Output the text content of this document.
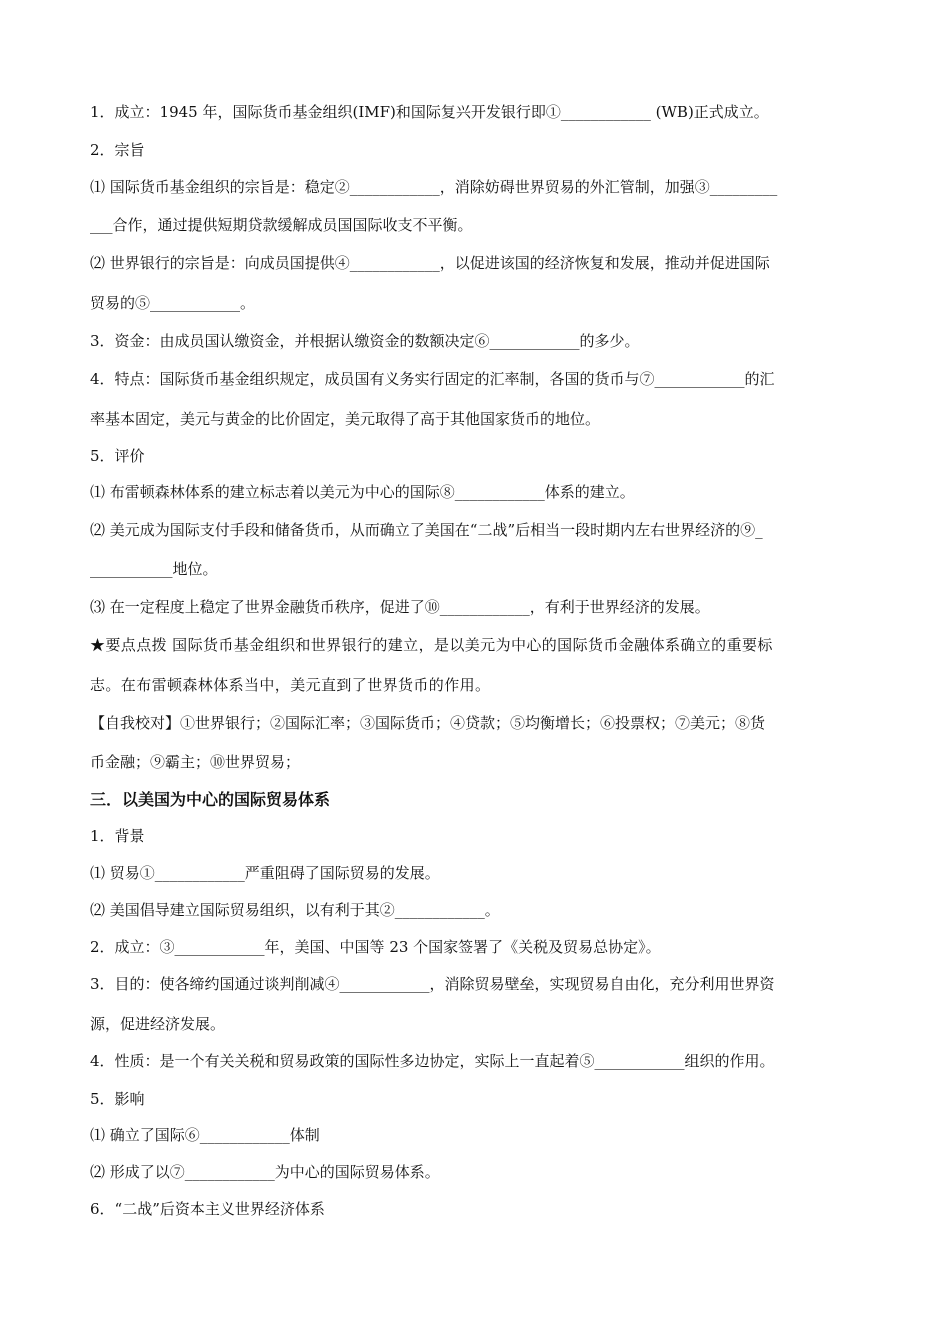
1．成立：1945 年，国际货币基金组织(IMF)和国际复兴开发银行即①____________ (WB)正式成立。
2．宗旨
⑴ 国际货币基金组织的宗旨是：稳定②____________，消除妨碍世界贸易的外汇管制，加强③_________
___合作，通过提供短期贷款缓解成员国国际收支不平衡。
⑵ 世界银行的宗旨是：向成员国提供④____________，以促进该国的经济恢复和发展，推动并促进国际
贸易的⑤____________。
3．资金：由成员国认缴资金，并根据认缴资金的数额决定⑥____________的多少。
4．特点：国际货币基金组织规定，成员国有义务实行固定的汇率制，各国的货币与⑦____________的汇
率基本固定，美元与黄金的比价固定，美元取得了高于其他国家货币的地位。
5．评价
⑴ 布雷顿森林体系的建立标志着以美元为中心的国际⑧____________体系的建立。
⑵ 美元成为国际支付手段和储备货币，从而确立了美国在“二战”后相当一段时期内左右世界经济的⑨_
___________地位。
⑶ 在一定程度上稳定了世界金融货币秩序，促进了⑩____________，有利于世界经济的发展。
★要点点拨 国际货币基金组织和世界银行的建立，是以美元为中心的国际货币金融体系确立的重要标
志。在布雷顿森林体系当中，美元直到了世界货币的作用。
【自我校对】①世界银行；②国际汇率；③国际货币；④贷款；⑤均衡增长；⑥投票权；⑦美元；⑧货
币金融；⑨霸主；⑩世界贸易；
三．以美国为中心的国际贸易体系
1．背景
⑴ 贸易①____________严重阻碍了国际贸易的发展。
⑵ 美国倡导建立国际贸易组织，以有利于其②____________。
2．成立：③____________年，美国、中国等 23 个国家签署了《关税及贸易总协定》。
3．目的：使各缔约国通过谈判削减④____________，消除贸易壁垒，实现贸易自由化，充分利用世界资
源，促进经济发展。
4．性质：是一个有关关税和贸易政策的国际性多边协定，实际上一直起着⑤____________组织的作用。
5．影响
⑴ 确立了国际⑥____________体制
⑵ 形成了以⑦____________为中心的国际贸易体系。
6．“二战”后资本主义世界经济体系
